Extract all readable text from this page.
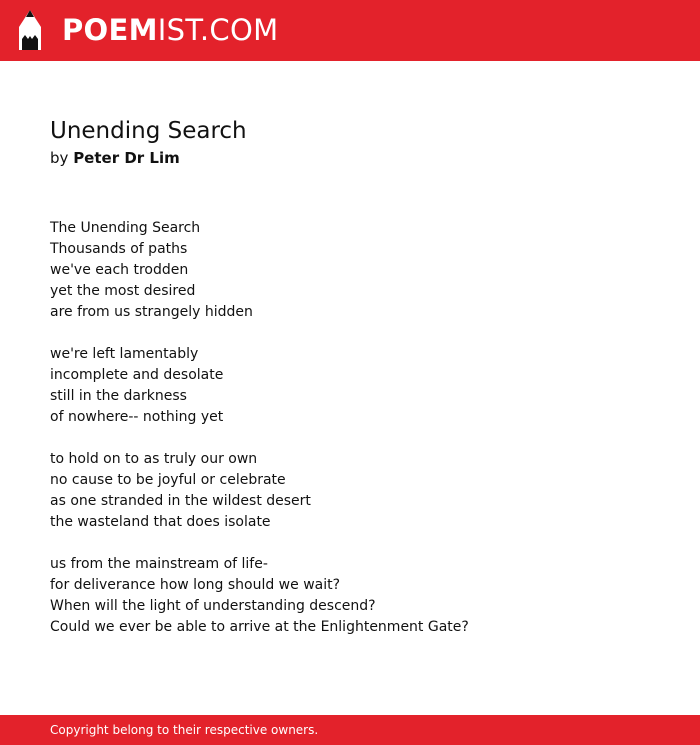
POEMIST.COM
Unending Search

by Peter Dr Lim

The Unending Search
Thousands of paths
we've each trodden
yet the most desired
are from us strangely hidden
we're left lamentably
incomplete and desolate
still in the darkness
of nowhere-- nothing yet
to hold on to as truly our own
no cause to be joyful or celebrate
as one stranded in the wildest desert
the wasteland that does isolate
us from the mainstream of life-
for deliverance how long should we wait?
When will the light of understanding descend?
Could we ever be able to arrive at the Enlightenment Gate?
Copyright belong to their respective owners.
